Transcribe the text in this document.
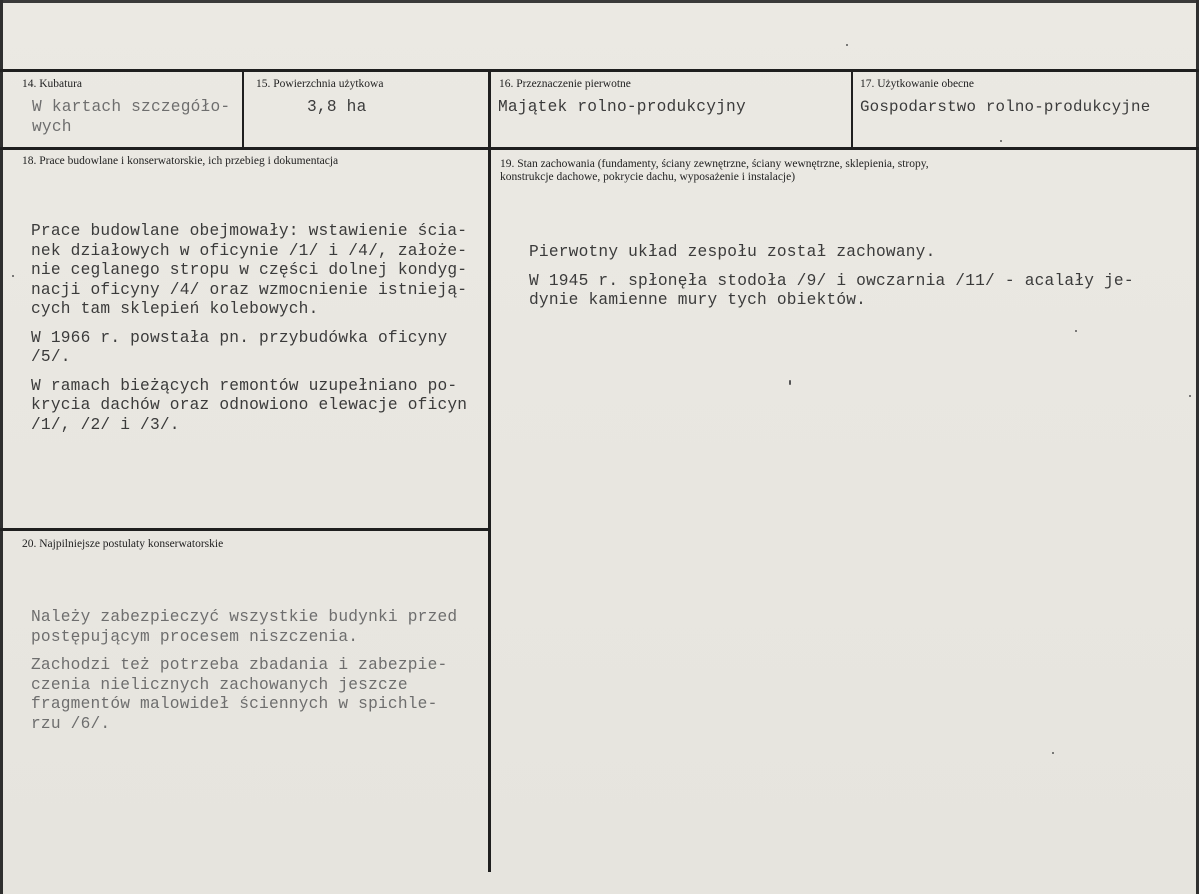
14. Kubatura
W kartach szczegóło-
wych
15. Powierzchnia użytkowa
3,8 ha
16. Przeznaczenie pierwotne
Majątek rolno-produkcyjny
17. Użytkowanie obecne
Gospodarstwo rolno-produkcyjne
18. Prace budowlane i konserwatorskie, ich przebieg i dokumentacja

Prace budowlane obejmowały: wstawienie ścia-
nek działowych w oficynie /1/ i /4/, założe-
nie ceglanego stropu w części dolnej kondyg-
nacji oficyny /4/ oraz wzmocnienie istnieją-
cych tam sklepień kolebowych.
W 1966 r. powstała pn. przybudówka oficyny
/5/.
W ramach bieżących remontów uzupełniano po-
krycia dachów oraz odnowiono elewacje oficyn
/1/, /2/ i /3/.

19. Stan zachowania (fundamenty, ściany zewnętrzne, ściany wewnętrzne, sklepienia, stropy,
konstrukcje dachowe, pokrycie dachu, wyposażenie i instalacje)

Pierwotny układ zespołu został zachowany.
W 1945 r. spłonęła stodoła /9/ i owczarnia /11/ - acalały je-
dynie kamienne mury tych obiektów.

20. Najpilniejsze postulaty konserwatorskie

Należy zabezpieczyć wszystkie budynki przed
postępującym procesem niszczenia.
Zachodzi też potrzeba zbadania i zabezpie-
czenia nielicznych zachowanych jeszcze
fragmentów malowideł ściennych w spichle-
rzu /6/.
